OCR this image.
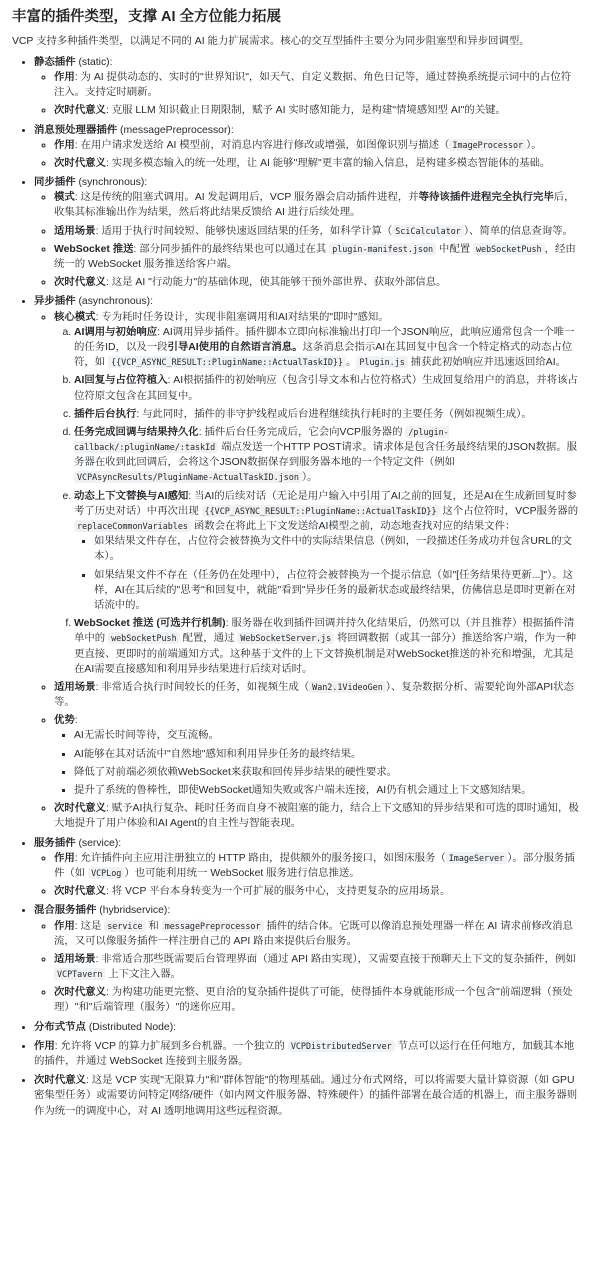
丰富的插件类型，支撑 AI 全方位能力拓展

VCP 支持多种插件类型，以满足不同的 AI 能力扩展需求。核心的交互型插件主要分为同步阻塞型和异步回调型。

• 静态插件 (static):
◦ 作用: 为 AI 提供动态的、实时的"世界知识"，如天气、自定义数据、角色日记等，通过替换系统提示词中的占位符注入。支持定时刷新。
◦ 次时代意义: 克服 LLM 知识截止日期限制，赋予 AI 实时感知能力，是构建"情境感知型 AI"的关键。
• 消息预处理器插件 (messagePreprocessor):
◦ 作用: 在用户请求发送给 AI 模型前，对消息内容进行修改或增强，如图像识别与描述（ ImageProcessor ）。
◦ 次时代意义: 实现多模态输入的统一处理，让 AI 能够"理解"更丰富的输入信息，是构建多模态智能体的基础。
• 同步插件 (synchronous):
◦ 模式: 这是传统的阻塞式调用。AI 发起调用后，VCP 服务器会启动插件进程，并等待该插件进程完全执行完毕后，收集其标准输出作为结果，然后将此结果反馈给 AI 进行后续处理。
◦ 适用场景: 适用于执行时间较短、能够快速返回结果的任务，如科学计算（ SciCalculator ）、简单的信息查询等。
◦ WebSocket 推送: 部分同步插件的最终结果也可以通过在其 plugin-manifest.json 中配置 webSocketPush ，经由统一的 WebSocket 服务推送给客户端。
◦ 次时代意义: 这是 AI "行动能力"的基础体现，使其能够干预外部世界、获取外部信息。
• 异步插件 (asynchronous):
◦ 核心模式: 专为耗时任务设计，实现非阻塞调用和AI对结果的"即时"感知。
a. AI调用与初始响应: AI调用异步插件。插件脚本立即向标准输出打印一个JSON响应，此响应通常包含一个唯一的任务ID，以及一段引导AI使用的自然语言消息。这条消息会指示AI在其回复中包含一个特定格式的动态占位符，如 {{VCP_ASYNC_RESULT::PluginName::ActualTaskID}} 。 Plugin.js 捕获此初始响应并迅速返回给AI。
b. AI回复与占位符植入: AI根据插件的初始响应（包含引导文本和占位符格式）生成回复给用户的消息，并将该占位符原文包含在其回复中。
c. 插件后台执行: 与此同时，插件的非守护线程或后台进程继续执行耗时的主要任务（例如视频生成）。
d. 任务完成回调与结果持久化: 插件后台任务完成后，它会向VCP服务器的 /plugin-callback/:pluginName/:taskId 端点发送一个HTTP POST请求。请求体是包含任务最终结果的JSON数据。服务器在收到此回调后，会将这个JSON数据保存到服务器本地的一个特定文件（例如 VCPAsyncResults/PluginName-ActualTaskID.json ）。
e. 动态上下文替换与AI感知: 当AI的后续对话（无论是用户输入中引用了AI之前的回复，还是AI在生成新回复时参考了历史对话）中再次出现 {{VCP_ASYNC_RESULT::PluginName::ActualTaskID}} 这个占位符时，VCP服务器的 replaceCommonVariables 函数会在将此上下文发送给AI模型之前，动态地查找对应的结果文件：
▪ 如果结果文件存在，占位符会被替换为文件中的实际结果信息（例如，一段描述任务成功并包含URL的文本）。
▪ 如果结果文件不存在（任务仍在处理中），占位符会被替换为一个提示信息（如"[任务结果待更新...]"）。这样，AI在其后续的"思考"和回复中，就能"看到"异步任务的最新状态或最终结果，仿佛信息是即时更新在对话流中的。
f. WebSocket 推送 (可选并行机制): 服务器在收到插件回调并持久化结果后，仍然可以（并且推荐）根据插件清单中的 webSocketPush 配置，通过 WebSocketServer.js 将回调数据（或其一部分）推送给客户端，作为一种更直接、更即时的前端通知方式。这种基于文件的上下文替换机制是对WebSocket推送的补充和增强，尤其是在AI需要直接感知和利用异步结果进行后续对话时。
◦ 适用场景: 非常适合执行时间较长的任务，如视频生成（ Wan2.1VideoGen ）、复杂数据分析、需要轮询外部API状态等。
◦ 优势:
▪ AI无需长时间等待，交互流畅。
▪ AI能够在其对话流中"自然地"感知和利用异步任务的最终结果。
▪ 降低了对前端必须依赖WebSocket来获取和回传异步结果的硬性要求。
▪ 提升了系统的鲁棒性，即使WebSocket通知失败或客户端未连接，AI仍有机会通过上下文感知结果。
◦ 次时代意义: 赋予AI执行复杂、耗时任务而自身不被阻塞的能力，结合上下文感知的异步结果和可选的即时通知，极大地提升了用户体验和AI Agent的自主性与智能表现。
• 服务插件 (service):
◦ 作用: 允许插件向主应用注册独立的 HTTP 路由，提供额外的服务接口，如图床服务（ ImageServer ）。部分服务插件（如 VCPLog ）也可能利用统一 WebSocket 服务进行信息推送。
◦ 次时代意义: 将 VCP 平台本身转变为一个可扩展的服务中心，支持更复杂的应用场景。
• 混合服务插件 (hybridservice):
◦ 作用: 这是 service 和 messagePreprocessor 插件的结合体。它既可以像消息预处理器一样在 AI 请求前修改消息流，又可以像服务插件一样注册自己的 API 路由来提供后台服务。
◦ 适用场景: 非常适合那些既需要后台管理界面（通过 API 路由实现），又需要直接干预聊天上下文的复杂插件，例如 VCPTavern 上下文注入器。
◦ 次时代意义: 为构建功能更完整、更自洽的复杂插件提供了可能，使得插件本身就能形成一个包含"前端逻辑（预处理）"和"后端管理（服务）"的迷你应用。
• 分布式节点 (Distributed Node):
• 作用: 允许将 VCP 的算力扩展到多台机器。一个独立的 VCPDistributedServer 节点可以运行在任何地方，加载其本地的插件，并通过 WebSocket 连接到主服务器。
• 次时代意义: 这是 VCP 实现"无限算力"和"群体智能"的物理基础。通过分布式网络，可以将需要大量计算资源（如 GPU 密集型任务）或需要访问特定网络/硬件（如内网文件服务器、特殊硬件）的插件部署在最合适的机器上，而主服务器则作为统一的调度中心，对 AI 透明地调用这些远程资源。
